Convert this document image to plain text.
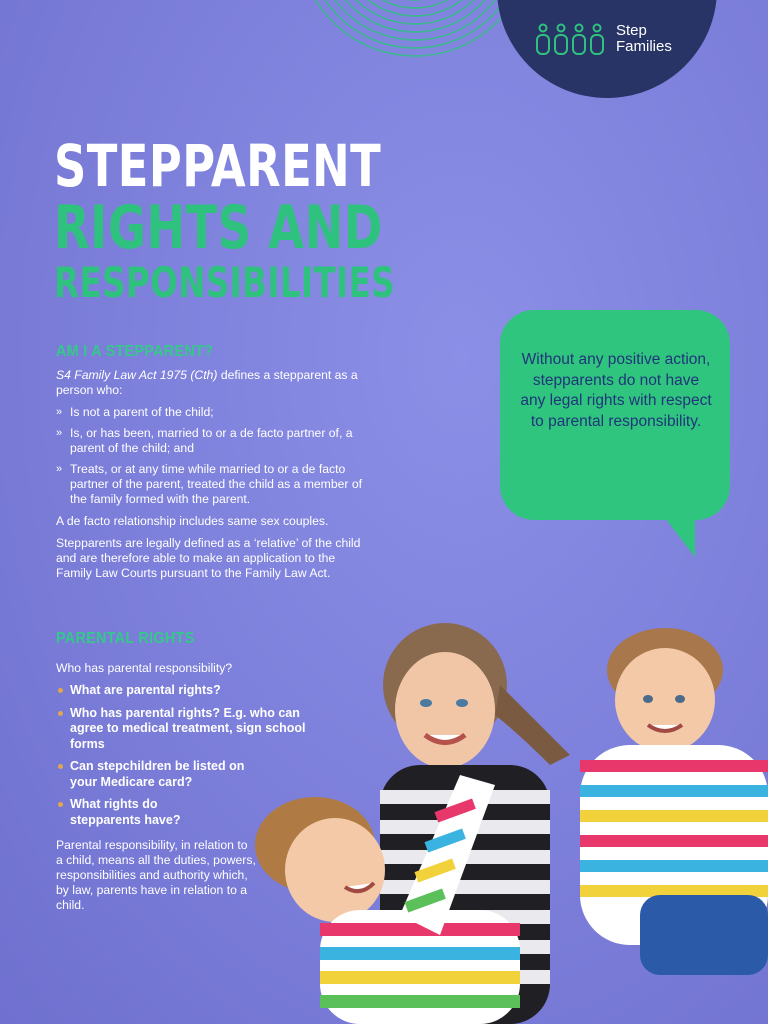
Step
Families
STEPPARENT
RIGHTS AND
RESPONSIBILITIES
AM I A STEPPARENT?

S4 Family Law Act 1975 (Cth) defines a stepparent as a person who:

» Is not a parent of the child;
» Is, or has been, married to or a de facto partner of, a parent of the child; and
» Treats, or at any time while married to or a de facto partner of the parent, treated the child as a member of the family formed with the parent.

A de facto relationship includes same sex couples.

Stepparents are legally defined as a ‘relative’ of the child and are therefore able to make an application to the Family Law Courts pursuant to the Family Law Act.

PARENTAL RIGHTS

Who has parental responsibility?

What are parental rights?
Who has parental rights? E.g. who can agree to medical treatment, sign school forms
Can stepchildren be listed on your Medicare card?
What rights do stepparents have?

Parental responsibility, in relation to a child, means all the duties, powers, responsibilities and authority which, by law, parents have in relation to a child.

Without any positive action, stepparents do not have any legal rights with respect to parental responsibility.
